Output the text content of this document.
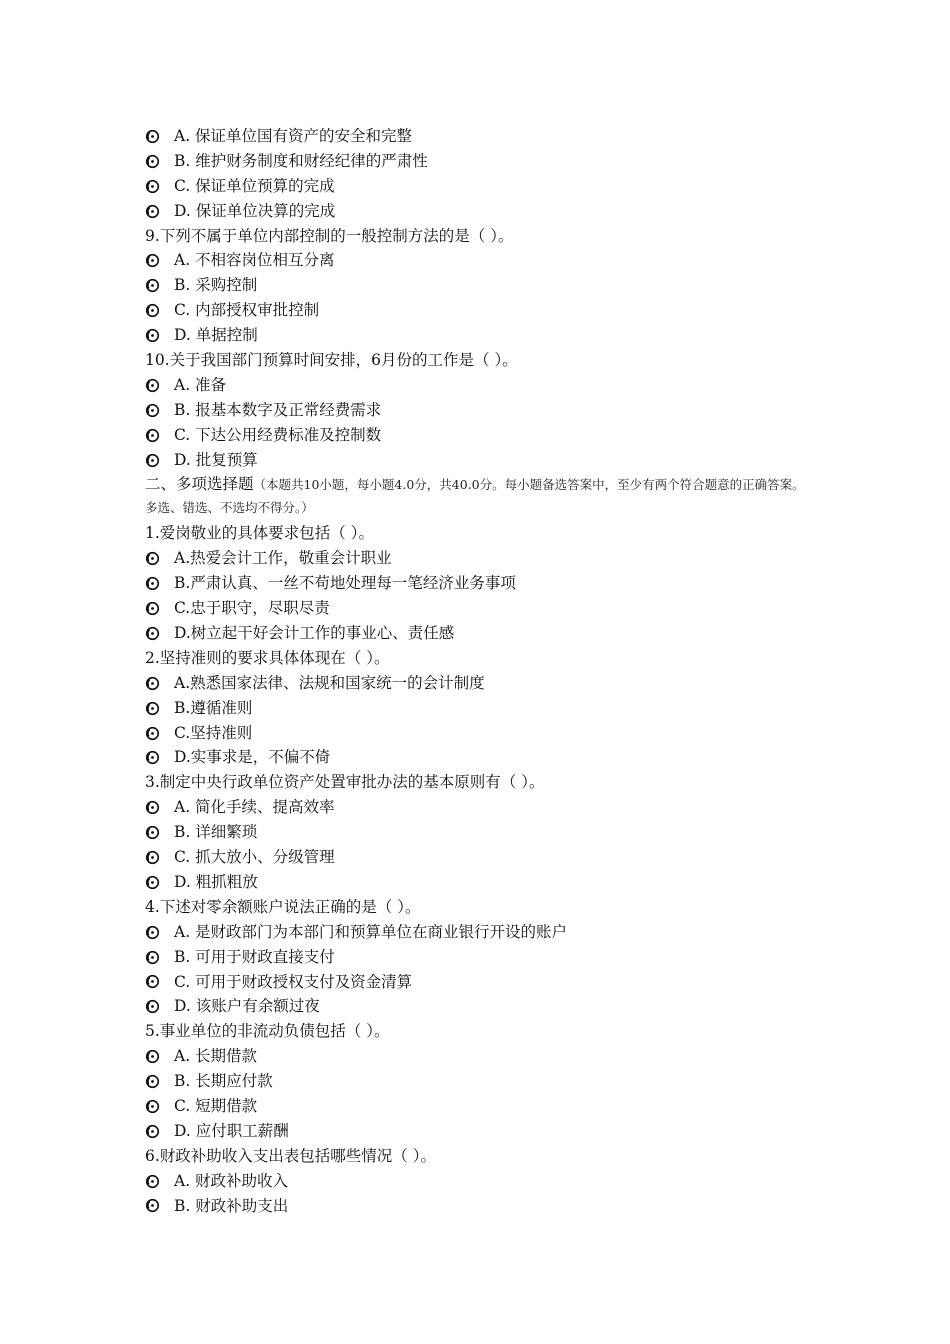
A. 保证单位国有资产的安全和完整
B. 维护财务制度和财经纪律的严肃性
C. 保证单位预算的完成
D. 保证单位决算的完成
9.下列不属于单位内部控制的一般控制方法的是（ ）。
A. 不相容岗位相互分离
B. 采购控制
C. 内部授权审批控制
D. 单据控制
10.关于我国部门预算时间安排，6月份的工作是（ ）。
A. 准备
B. 报基本数字及正常经费需求
C. 下达公用经费标准及控制数
D. 批复预算
二、多项选择题（本题共10小题，每小题4.0分，共40.0分。每小题备选答案中，至少有两个符合题意的正确答案。多选、错选、不选均不得分。）
1.爱岗敬业的具体要求包括（ ）。
A.热爱会计工作，敬重会计职业
B.严肃认真、一丝不苟地处理每一笔经济业务事项
C.忠于职守，尽职尽责
D.树立起干好会计工作的事业心、责任感
2.坚持准则的要求具体体现在（ ）。
A.熟悉国家法律、法规和国家统一的会计制度
B.遵循准则
C.坚持准则
D.实事求是，不偏不倚
3.制定中央行政单位资产处置审批办法的基本原则有（ ）。
A. 简化手续、提高效率
B. 详细繁琐
C. 抓大放小、分级管理
D. 粗抓粗放
4.下述对零余额账户说法正确的是（ ）。
A. 是财政部门为本部门和预算单位在商业银行开设的账户
B. 可用于财政直接支付
C. 可用于财政授权支付及资金清算
D. 该账户有余额过夜
5.事业单位的非流动负债包括（ ）。
A. 长期借款
B. 长期应付款
C. 短期借款
D. 应付职工薪酬
6.财政补助收入支出表包括哪些情况（ ）。
A. 财政补助收入
B. 财政补助支出
